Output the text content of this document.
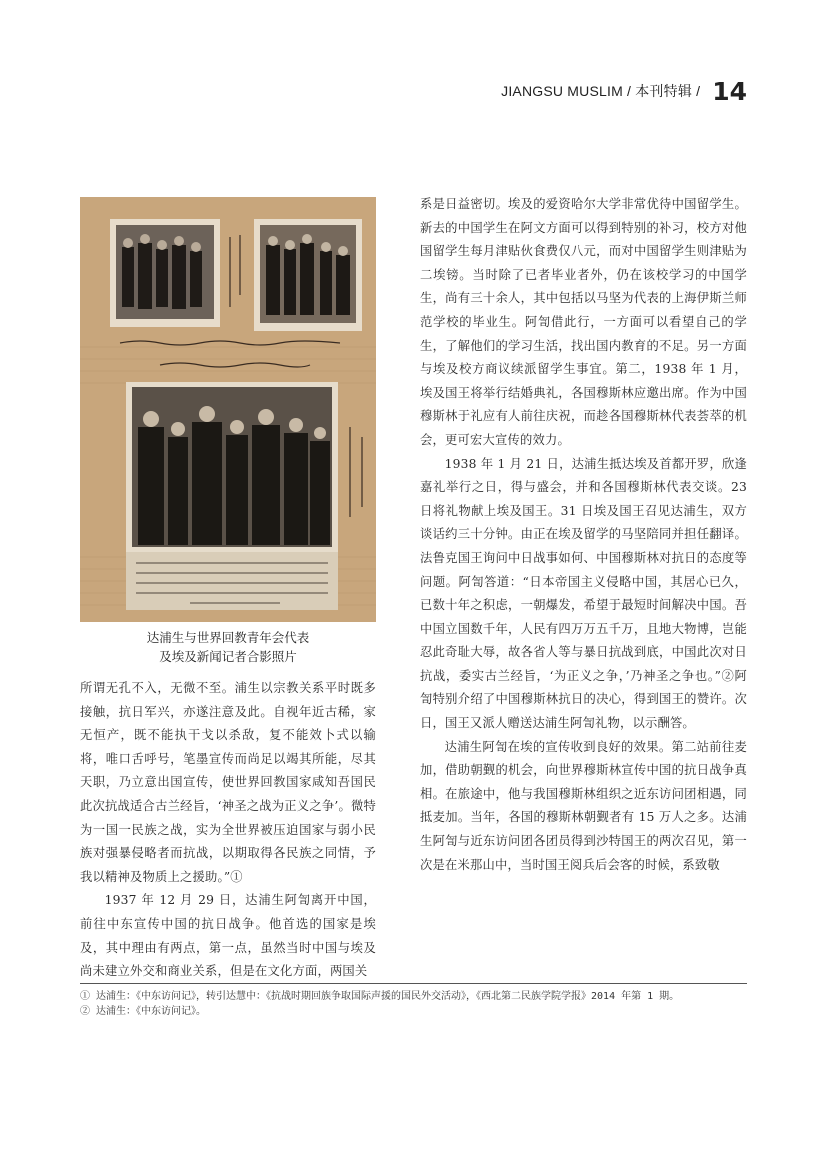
JIANGSU MUSLIM / 本刊特辑 / 14
达浦生与世界回教青年会代表
及埃及新闻记者合影照片

所谓无孔不入，无微不至。浦生以宗教关系平时既多接触，抗日军兴，亦遂注意及此。自视年近古稀，家无恒产，既不能执干戈以杀敌，复不能效卜式以输将，唯口舌呼号，笔墨宣传而尚足以竭其所能，尽其天职，乃立意出国宣传，使世界回教国家咸知吾国民此次抗战适合古兰经旨，‘神圣之战为正义之争’。微特为一国一民族之战，实为全世界被压迫国家与弱小民族对强暴侵略者而抗战，以期取得各民族之同情，予我以精神及物质上之援助。”①

1937 年 12 月 29 日，达浦生阿訇离开中国，前往中东宣传中国的抗日战争。他首选的国家是埃及，其中理由有两点，第一点，虽然当时中国与埃及尚未建立外交和商业关系，但是在文化方面，两国关

系是日益密切。埃及的爱资哈尔大学非常优待中国留学生。新去的中国学生在阿文方面可以得到特别的补习，校方对他国留学生每月津贴伙食费仅八元，而对中国留学生则津贴为二埃镑。当时除了已者毕业者外，仍在该校学习的中国学生，尚有三十余人，其中包括以马坚为代表的上海伊斯兰师范学校的毕业生。阿訇借此行，一方面可以看望自己的学生，了解他们的学习生活，找出国内教育的不足。另一方面与埃及校方商议续派留学生事宜。第二，1938 年 1 月，埃及国王将举行结婚典礼，各国穆斯林应邀出席。作为中国穆斯林于礼应有人前往庆祝，而趁各国穆斯林代表荟萃的机会，更可宏大宣传的效力。

1938 年 1 月 21 日，达浦生抵达埃及首都开罗，欣逢嘉礼举行之日，得与盛会，并和各国穆斯林代表交谈。23 日将礼物献上埃及国王。31 日埃及国王召见达浦生，双方谈话约三十分钟。由正在埃及留学的马坚陪同并担任翻译。法鲁克国王询问中日战事如何、中国穆斯林对抗日的态度等问题。阿訇答道：“日本帝国主义侵略中国，其居心已久，已数十年之积虑，一朝爆发，希望于最短时间解决中国。吾中国立国数千年，人民有四万万五千万，且地大物博，岂能忍此奇耻大辱，故各省人等与暴日抗战到底，中国此次对日抗战，委实古兰经旨，‘为正义之争，’乃神圣之争也。”②阿訇特别介绍了中国穆斯林抗日的决心，得到国王的赞许。次日，国王又派人赠送达浦生阿訇礼物，以示酬答。

达浦生阿訇在埃的宣传收到良好的效果。第二站前往麦加，借助朝觐的机会，向世界穆斯林宣传中国的抗日战争真相。在旅途中，他与我国穆斯林组织之近东访问团相遇，同抵麦加。当年，各国的穆斯林朝觐者有 15 万人之多。达浦生阿訇与近东访问团各团员得到沙特国王的两次召见，第一次是在米那山中，当时国王阅兵后会客的时候，系致敬

① 达浦生：《中东访问记》，转引达慧中：《抗战时期回族争取国际声援的国民外交活动》，《西北第二民族学院学报》2014 年第 1 期。

② 达浦生：《中东访问记》。
